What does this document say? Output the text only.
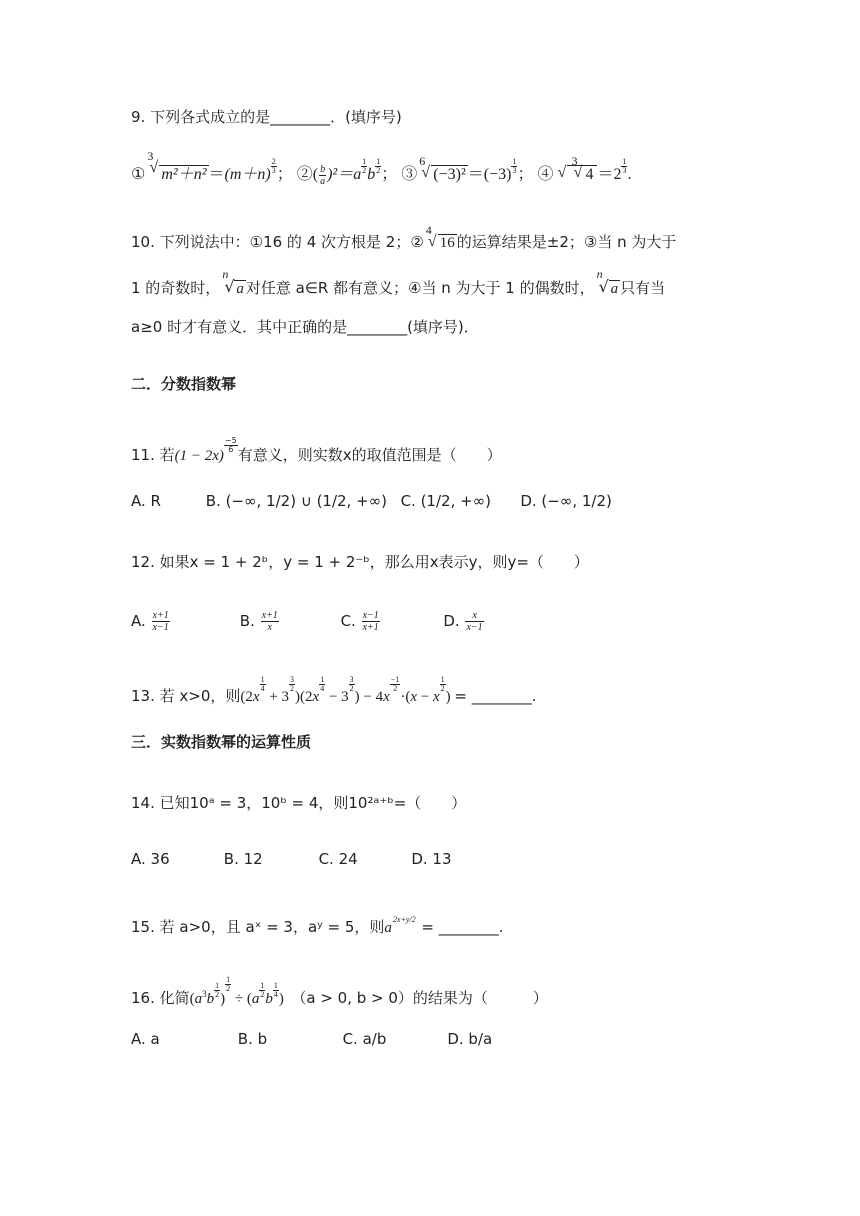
9. 下列各式成立的是________．(填序号)
①
3
√ $m^2+n^2 =(m+n) \frac{2}{3}$ ； ②( $\frac{b}{a} )^2=a \frac{1}{2}$ b $\frac{1}{2}$ ； ③
6
√ $(-3)^2 =(-3) \frac{1}{3}$ ； ④ √
3
√ $4 =2 \frac{1}{3}$ .
10. 下列说法中：①16 的 4 次方根是 2；②
4
√ 16 的运算结果是±2；③当 n 为大于
1 的奇数时，
n
√ a 对任意 a∈R 都有意义；④当 n 为大于 1 的偶数时，
n
√ a 只有当
a≥0 时才有意义．其中正确的是________(填序号)．
二．分数指数幂
11. 若(1 − 2x)
$\frac{-5}{6}$
有意义，则实数x的取值范围是（　　）
A. R	B. (−∞, 1/2) ∪ (1/2, +∞) C. (1/2, +∞) D. (−∞, 1/2)
12. 如果x = 1 + 2ᵇ，y = 1 + 2⁻ᵇ，那么用x表示y，则y=（　　）
A. $\frac{x+1}{x-1}$	B. $\frac{x+1}{x}$	C. $\frac{x-1}{x+1}$	D. $\frac{x}{x-1}$
13. 若 x>0，则(2x
$\frac{1}{4}$
+ 3
$\frac{3}{2}$
)(2x
$\frac{1}{4}$
− 3
$\frac{3}{2}$
) − 4x
$\frac{-1}{2}$
·(x − x
$\frac{1}{2}$
) = ________.
三．实数指数幂的运算性质
14. 已知10ᵃ = 3，10ᵇ = 4，则10²ᵃ⁺ᵇ=（　　）
A. 36	B. 12	C. 24	D. 13
15. 若 a>0，且 aˣ = 3，aʸ = 5，则a
2x+y/2 = ________.
16. 化简($a^3b \frac{1}{2}$ )
$\frac{1}{2}$
÷ ($a \frac{1}{2}$ b $\frac{1}{4}$ )　 （a > 0, b > 0）的结果为（　　　）
A. a	B. b	C. a/b	D. b/a
